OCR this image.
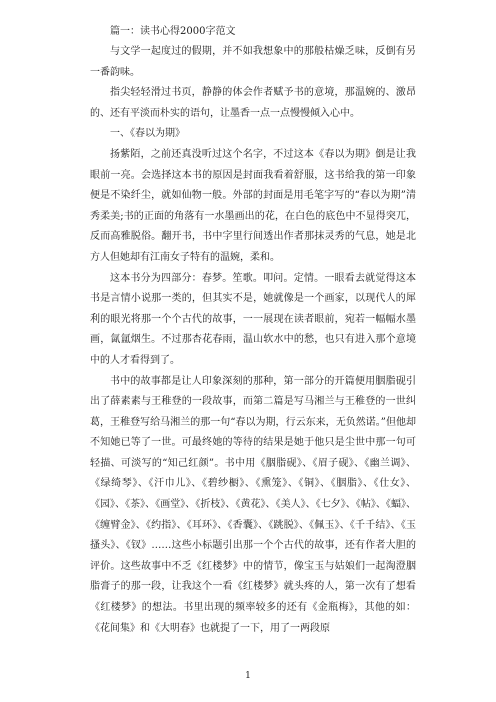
篇一：读书心得2000字范文

与文学一起度过的假期，并不如我想象中的那般枯燥乏味，反倒有另一番韵味。

指尖轻轻滑过书页，静静的体会作者赋予书的意境，那温婉的、激昂的、还有平淡而朴实的语句，让墨香一点一点慢慢倾入心中。

一、《春以为期》

扬紫陌，之前还真没听过这个名字，不过这本《春以为期》倒是让我眼前一亮。会选择这本书的原因是封面我看着舒服，这书给我的第一印象便是不染纤尘，就如仙物一般。外部的封面是用毛笔字写的“春以为期”清秀柔美;书的正面的角落有一水墨画出的花，在白色的底色中不显得突兀，反而高雅脱俗。翻开书，书中字里行间透出作者那抹灵秀的气息，她是北方人但她却有江南女子特有的温婉，柔和。

这本书分为四部分：春梦。笙歌。叩问。定情。一眼看去就觉得这本书是言情小说那一类的，但其实不是，她就像是一个画家，以现代人的犀利的眼光将那一个个古代的故事，一一展现在读者眼前，宛若一幅幅水墨画，氤氲烟生。不过那杏花春雨，温山软水中的愁，也只有进入那个意境中的人才看得到了。

书中的故事都是让人印象深刻的那种，第一部分的开篇便用胭脂砚引出了薛素素与王稚登的一段故事，而第二篇是写马湘兰与王稚登的一世纠葛，王稚登写给马湘兰的那一句“春以为期，行云东来，无负然诺。”但他却不知她已等了一世。可最终她的等待的结果是她于他只是尘世中那一句可轻描、可淡写的“知己红颜”。书中用《胭脂砚》、《眉子砚》、《幽兰调》、《绿绮琴》、《汗巾儿》、《碧纱橱》、《熏笼》、《铜》、《胭脂》、《仕女》、《园》、《茶》、《画堂》、《折枝》、《黄花》、《美人》、《七夕》、《帖》、《蝠》、《缠臂金》、《约指》、《耳环》、《香囊》、《跳脱》、《佩玉》、《千千结》、《玉搔头》、《钗》……这些小标题引出那一个个古代的故事，还有作者大胆的评价。这些故事中不乏《红楼梦》中的情节，像宝玉与姑娘们一起淘澄胭脂膏子的那一段，让我这个一看《红楼梦》就头疼的人，第一次有了想看《红楼梦》的想法。书里出现的频率较多的还有《金瓶梅》，其他的如：《花间集》和《大明春》也就提了一下，用了一两段原

1
